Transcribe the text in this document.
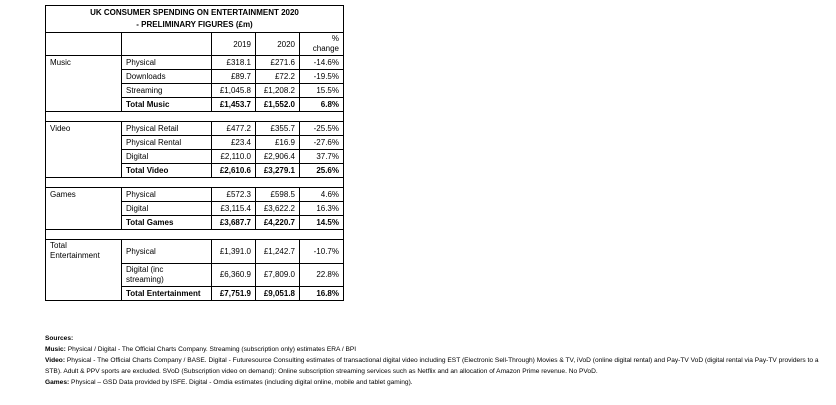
UK CONSUMER SPENDING ON ENTERTAINMENT 2020
- PRELIMINARY FIGURES (£m)				
		2019	2020	%
change
Music	Physical	£318.1	£271.6	-14.6%
	Downloads	£89.7	£72.2	-19.5%
	Streaming	£1,045.8	£1,208.2	15.5%
	Total Music	£1,453.7	£1,552.0	6.8%

Video	Physical Retail	£477.2	£355.7	-25.5%
	Physical Rental	£23.4	£16.9	-27.6%
	Digital	£2,110.0	£2,906.4	37.7%
	Total Video	£2,610.6	£3,279.1	25.6%

Games	Physical	£572.3	£598.5	4.6%
	Digital	£3,115.4	£3,622.2	16.3%
	Total Games	£3,687.7	£4,220.7	14.5%

Total
Entertainment	Physical	£1,391.0	£1,242.7	-10.7%
	Digital (inc
streaming)	£6,360.9	£7,809.0	22.8%
	Total Entertainment	£7,751.9	£9,051.8	16.8%

Sources:

Music: Physical / Digital - The Official Charts Company. Streaming (subscription only) estimates ERA / BPI

Video: Physical - The Official Charts Company / BASE. Digital - Futuresource Consulting estimates of transactional digital video including EST (Electronic Sell-Through) Movies & TV, iVoD (online digital rental) and Pay-TV VoD (digital rental via Pay-TV providers to a STB). Adult & PPV sports are excluded. SVoD (Subscription video on demand): Online subscription streaming services such as Netflix and an allocation of Amazon Prime revenue. No PVoD.

Games: Physical – GSD Data provided by ISFE. Digital - Omdia estimates (including digital online, mobile and tablet gaming).
